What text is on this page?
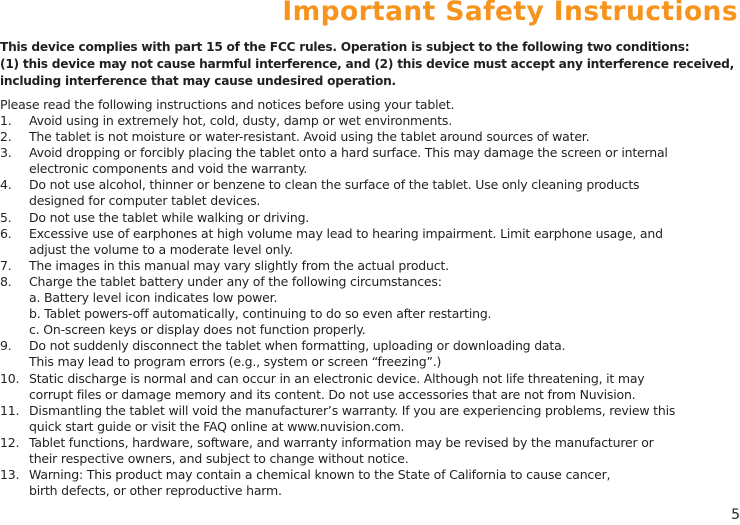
Important Safety Instructions
This device complies with part 15 of the FCC rules. Operation is subject to the following two conditions:
(1) this device may not cause harmful interference, and (2) this device must accept any interference received,
including interference that may cause undesired operation.
Please read the following instructions and notices before using your tablet.
1. Avoid using in extremely hot, cold, dusty, damp or wet environments.
2. The tablet is not moisture or water-resistant. Avoid using the tablet around sources of water.
3. Avoid dropping or forcibly placing the tablet onto a hard surface. This may damage the screen or internal
electronic components and void the warranty.
4. Do not use alcohol, thinner or benzene to clean the surface of the tablet. Use only cleaning products
designed for computer tablet devices.
5. Do not use the tablet while walking or driving.
6. Excessive use of earphones at high volume may lead to hearing impairment. Limit earphone usage, and
adjust the volume to a moderate level only.
7. The images in this manual may vary slightly from the actual product.
8. Charge the tablet battery under any of the following circumstances:
a. Battery level icon indicates low power.
b. Tablet powers-off automatically, continuing to do so even after restarting.
c. On-screen keys or display does not function properly.
9. Do not suddenly disconnect the tablet when formatting, uploading or downloading data.
This may lead to program errors (e.g., system or screen “freezing”.)
10. Static discharge is normal and can occur in an electronic device. Although not life threatening, it may
corrupt files or damage memory and its content. Do not use accessories that are not from Nuvision.
11. Dismantling the tablet will void the manufacturer’s warranty. If you are experiencing problems, review this
quick start guide or visit the FAQ online at www.nuvision.com.
12. Tablet functions, hardware, software, and warranty information may be revised by the manufacturer or
their respective owners, and subject to change without notice.
13. Warning: This product may contain a chemical known to the State of California to cause cancer,
birth defects, or other reproductive harm.
5
